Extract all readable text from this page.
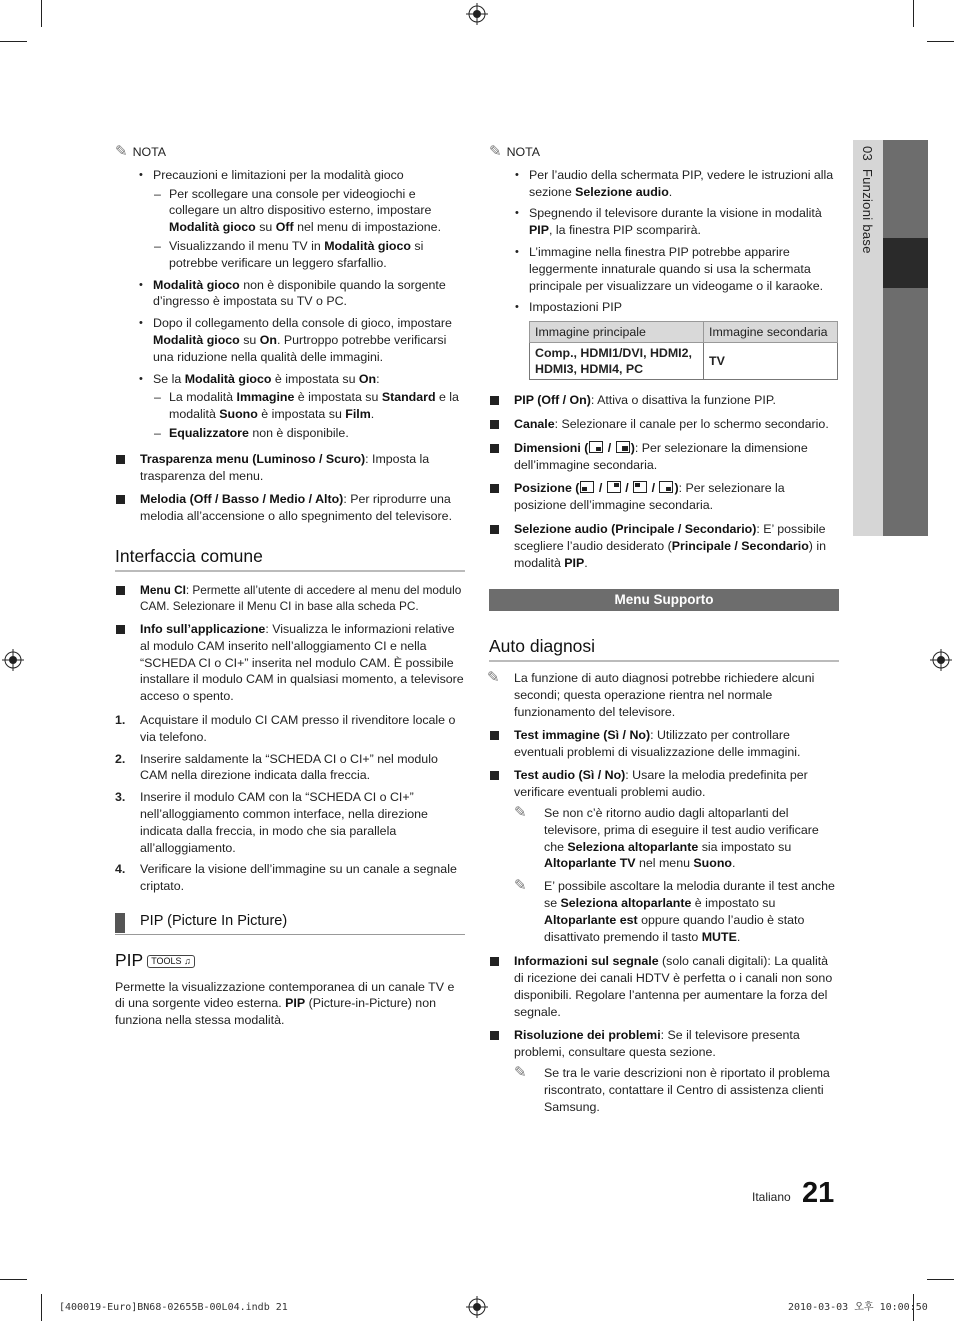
03  Funzioni base
✎ NOTA
• Precauzioni e limitazioni per la modalità gioco
– Per scollegare una console per videogiochi e collegare un altro dispositivo esterno, impostare Modalità gioco su Off nel menu di impostazione.
– Visualizzando il menu TV in Modalità gioco si potrebbe verificare un leggero sfarfallio.
• Modalità gioco non è disponibile quando la sorgente d’ingresso è impostata su TV o PC.
• Dopo il collegamento della console di gioco, impostare Modalità gioco su On. Purtroppo potrebbe verificarsi una riduzione nella qualità delle immagini.
• Se la Modalità gioco è impostata su On:
– La modalità Immagine è impostata su Standard e la modalità Suono è impostata su Film.
– Equalizzatore non è disponibile.
Trasparenza menu (Luminoso / Scuro): Imposta la trasparenza del menu.
Melodia (Off / Basso / Medio / Alto): Per riprodurre una melodia all’accensione o allo spegnimento del televisore.
Interfaccia comune
Menu CI: Permette all’utente di accedere al menu del modulo CAM. Selezionare il Menu CI in base alla scheda PC.
Info sull’applicazione: Visualizza le informazioni relative al modulo CAM inserito nell’alloggiamento CI e nella “SCHEDA CI o CI+” inserita nel modulo CAM. È possibile installare il modulo CAM in qualsiasi momento, a televisore acceso o spento.
1. Acquistare il modulo CI CAM presso il rivenditore locale o via telefono.
2. Inserire saldamente la “SCHEDA CI o CI+” nel modulo CAM nella direzione indicata dalla freccia.
3. Inserire il modulo CAM con la “SCHEDA CI o CI+” nell’alloggiamento common interface, nella direzione indicata dalla freccia, in modo che sia parallela all’alloggiamento.
4. Verificare la visione dell’immagine su un canale a segnale criptato.
PIP (Picture In Picture)
PIP TOOLS ♫
Permette la visualizzazione contemporanea di un canale TV e di una sorgente video esterna. PIP (Picture-in-Picture) non funziona nella stessa modalità.
✎ NOTA
• Per l’audio della schermata PIP, vedere le istruzioni alla sezione Selezione audio.
• Spegnendo il televisore durante la visione in modalità PIP, la finestra PIP scomparirà.
• L’immagine nella finestra PIP potrebbe apparire leggermente innaturale quando si usa la schermata principale per visualizzare un videogame o il karaoke.
• Impostazioni PIP
Immagine principale	Immagine secondaria
Comp., HDMI1/DVI, HDMI2, HDMI3, HDMI4, PC	TV
PIP (Off / On): Attiva o disattiva la funzione PIP.
Canale: Selezionare il canale per lo schermo secondario.
Dimensioni (
/
): Per selezionare la dimensione dell’immagine secondaria.
Posizione ( / / / ): Per selezionare la posizione dell’immagine secondaria.
Selezione audio (Principale / Secondario): E’ possibile scegliere l’audio desiderato (Principale / Secondario) in modalità PIP.
Menu Supporto
Auto diagnosi
✎ La funzione di auto diagnosi potrebbe richiedere alcuni secondi; questa operazione rientra nel normale funzionamento del televisore.
Test immagine (Sì / No): Utilizzato per controllare eventuali problemi di visualizzazione delle immagini.
Test audio (Sì / No): Usare la melodia predefinita per verificare eventuali problemi audio.
✎ Se non c’è ritorno audio dagli altoparlanti del televisore, prima di eseguire il test audio verificare che Seleziona altoparlante sia impostato su Altoparlante TV nel menu Suono.
✎ E’ possibile ascoltare la melodia durante il test anche se Seleziona altoparlante è impostato su Altoparlante est oppure quando l’audio è stato disattivato premendo il tasto MUTE.
Informazioni sul segnale (solo canali digitali): La qualità di ricezione dei canali HDTV è perfetta o i canali non sono disponibili. Regolare l’antenna per aumentare la forza del segnale.
Risoluzione dei problemi: Se il televisore presenta problemi, consultare questa sezione.
✎ Se tra le varie descrizioni non è riportato il problema riscontrato, contattare il Centro di assistenza clienti Samsung.
Italiano 21
[400019-Euro]BN68-02655B-00L04.indb 21	2010-03-03 오후 10:00:50
